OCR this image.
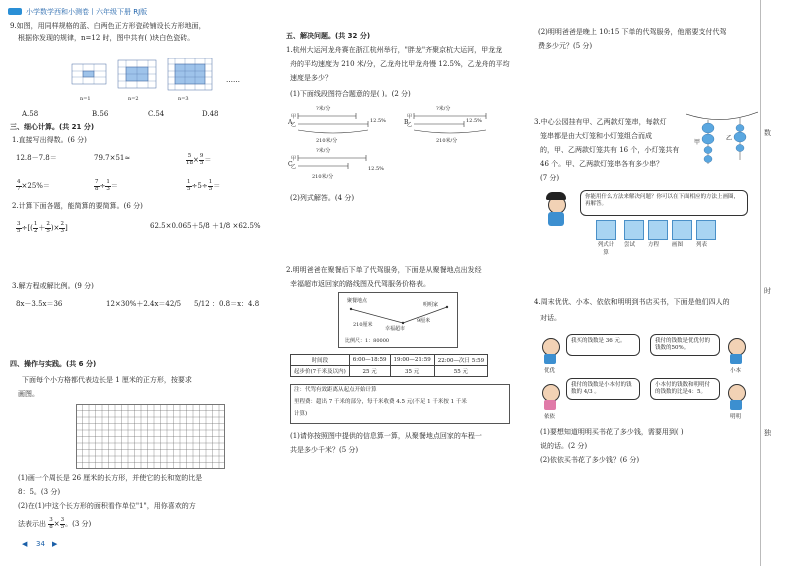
小学数学西和小测卷丨六年级下册 RJ版
9.如图，用同样规格的蓝、白两色正方形瓷砖铺设长方形地面，
根据你发现的规律，n=12 时，图中共有( )块白色瓷砖。
n=1	n=2	n=3
……
A.58	B.56	C.54	D.48
三、细心计算。(共 21 分)
1.直接写出得数。(6 分)
12.8－7.8＝	79.7×51≈	$\frac{5}{18} \times \frac{9}{5}$ ＝
$\frac{4}{7} \times 25\%=$	$\frac{7}{8} \div \frac{1}{3}$ ＝	$\frac{1}{5} \div 5\div \frac{1}{5}$ ＝
2.计算下面各题，能简算的要简算。(6 分)
$\frac{3}{5}$ ÷[( $\frac{1}{2} + \frac{2}{5}$ )× $\frac{2}{3}$ ]	62.5×0.065＋5/8 ＋1/8 ×62.5%
3.解方程或解比例。(9 分)
8x－3.5x＝36	12×30%＋2.4x＝42/5 5/12 ：0.8＝x：4.8
四、操作与实践。(共 6 分)
下面每个小方格都代表边长是 1 厘米的正方形，按要求
画图。
(1)画一个周长是 26 厘米的长方形，并使它的长和宽的比是
8：5。(3 分)
(2)在(1)中这个长方形的面积看作单位"1"，用你喜欢的方
法表示出 $\frac{3}{8} \times \frac{3}{5}$ 。(3 分)
◀ 34 ▶
五、解决问题。(共 32 分)
1.杭州大运河龙舟赛在浙江杭州举行，"胖龙"齐聚京杭大运河，甲龙龙
舟的平均速度为 210 米/分，乙龙舟比甲龙舟慢 12.5%，乙龙舟的平均
速度是多少？
(1)下面线段图符合题意的是( )。(2 分)
A	B
C
?米/分
12.5%
210米/分
?米/分
210米/分
12.5%
?米/分
12.5%
210米/分
甲
乙
甲
乙
甲
乙
(2)列式解答。(4 分)
2.明明爸爸在聚餐后下单了代驾服务，下面是从聚餐地点出发经
幸福超市返回家的路线图及代驾服务价格表。
聚餐地点
明明家
幸福超市
210厘米
9厘米
比例尺：1：80000
时间段	6:00—18:59	19:00—21:59	22:00—次日 5:59
起步价(7千米及以内)	25 元	35 元	55 元
注：代驾有效距离从起点开始计算
里程费：超出 7 千米的部分，每千米收费 4.5 元(不足 1 千米按 1 千米
计算)
(1)请你按照图中提供的信息算一算，从聚餐地点回家的车程一
共是多少千米？(5 分)
(2)明明爸爸是晚上 10:15 下单的代驾服务，他需要支付代驾
费多少元？(5 分)
3.中心公园挂有甲、乙两款灯笼串，每款灯
笼串都是由大灯笼和小灯笼组合而成
的，甲、乙两款灯笼共有 16 个，小灯笼共有
46 个。甲、乙两款灯笼串各有多少串？
(7 分)
甲
乙
你能用什么方法来解决问题？你可以在下面相应的方法上画圈，再解答。
列式计算
尝试	方程	画图	列表
4.周末优优、小本、依依和明明到书店买书，下面是他们四人的
对话。
优优
我买的钱数是 36 元。	我付的钱数是优优付的钱数的50%。
小本
依依
我付的钱数是小本付的钱数的 4/3 。
小本付的钱数和明明付的钱数的比是4：5。
明明
(1)要想知道明明买书花了多少钱，需要用到( )
说的话。(2 分)
(2)依依买书花了多少钱？(6 分)
数
时
独
